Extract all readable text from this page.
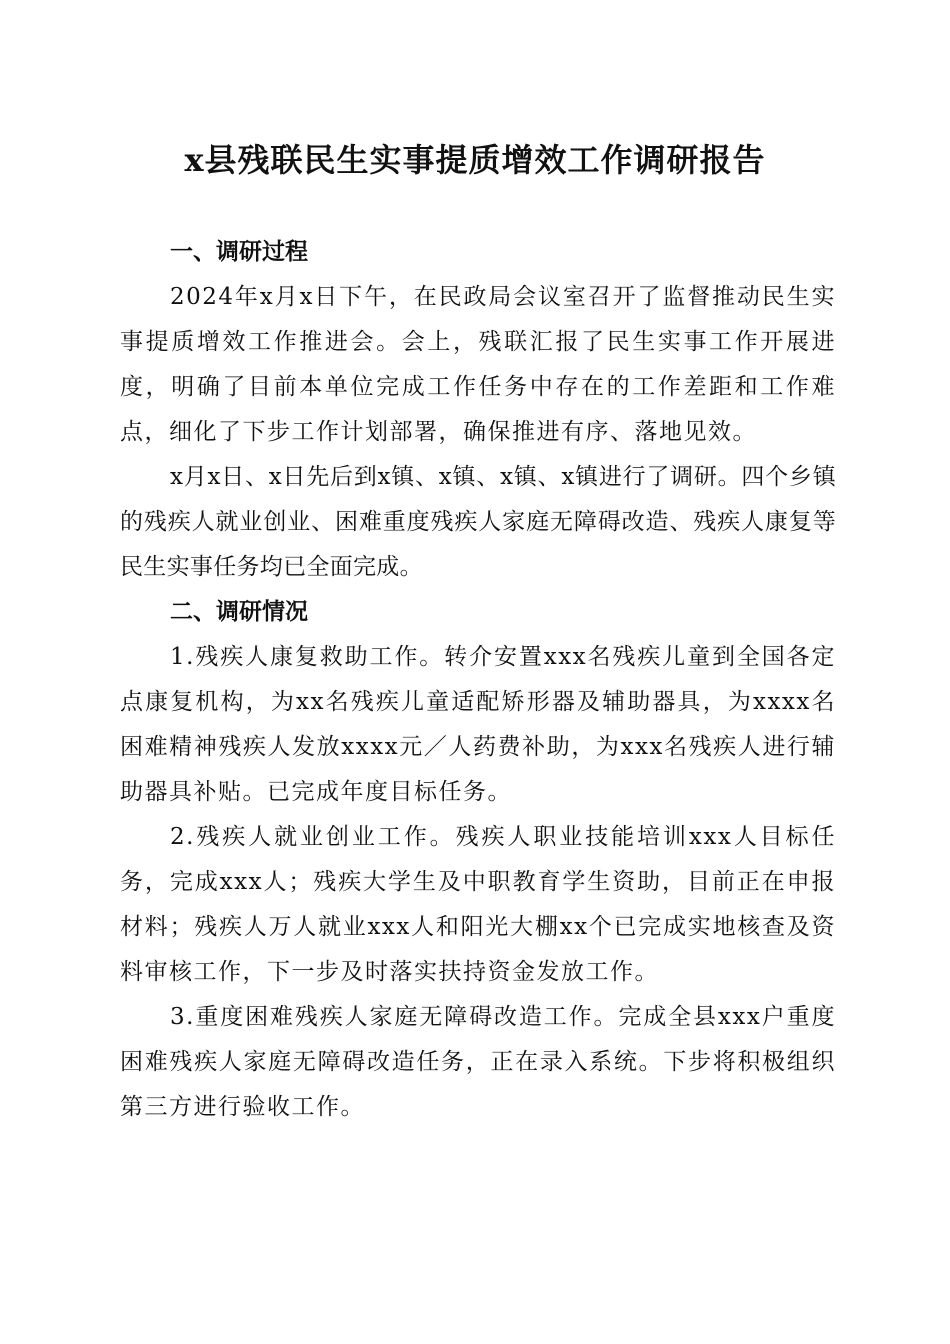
x县残联民生实事提质增效工作调研报告
一、调研过程

2024年x月x日下午，在民政局会议室召开了监督推动民生实事提质增效工作推进会。会上，残联汇报了民生实事工作开展进度，明确了目前本单位完成工作任务中存在的工作差距和工作难点，细化了下步工作计划部署，确保推进有序、落地见效。

x月x日、x日先后到x镇、x镇、x镇、x镇进行了调研。四个乡镇的残疾人就业创业、困难重度残疾人家庭无障碍改造、残疾人康复等民生实事任务均已全面完成。

二、调研情况

1.残疾人康复救助工作。转介安置xxx名残疾儿童到全国各定点康复机构，为xx名残疾儿童适配矫形器及辅助器具，为xxxx名困难精神残疾人发放xxxx元／人药费补助，为xxx名残疾人进行辅助器具补贴。已完成年度目标任务。

2.残疾人就业创业工作。残疾人职业技能培训xxx人目标任务，完成xxx人；残疾大学生及中职教育学生资助，目前正在申报材料；残疾人万人就业xxx人和阳光大棚xx个已完成实地核查及资料审核工作，下一步及时落实扶持资金发放工作。

3.重度困难残疾人家庭无障碍改造工作。完成全县xxx户重度困难残疾人家庭无障碍改造任务，正在录入系统。下步将积极组织第三方进行验收工作。
